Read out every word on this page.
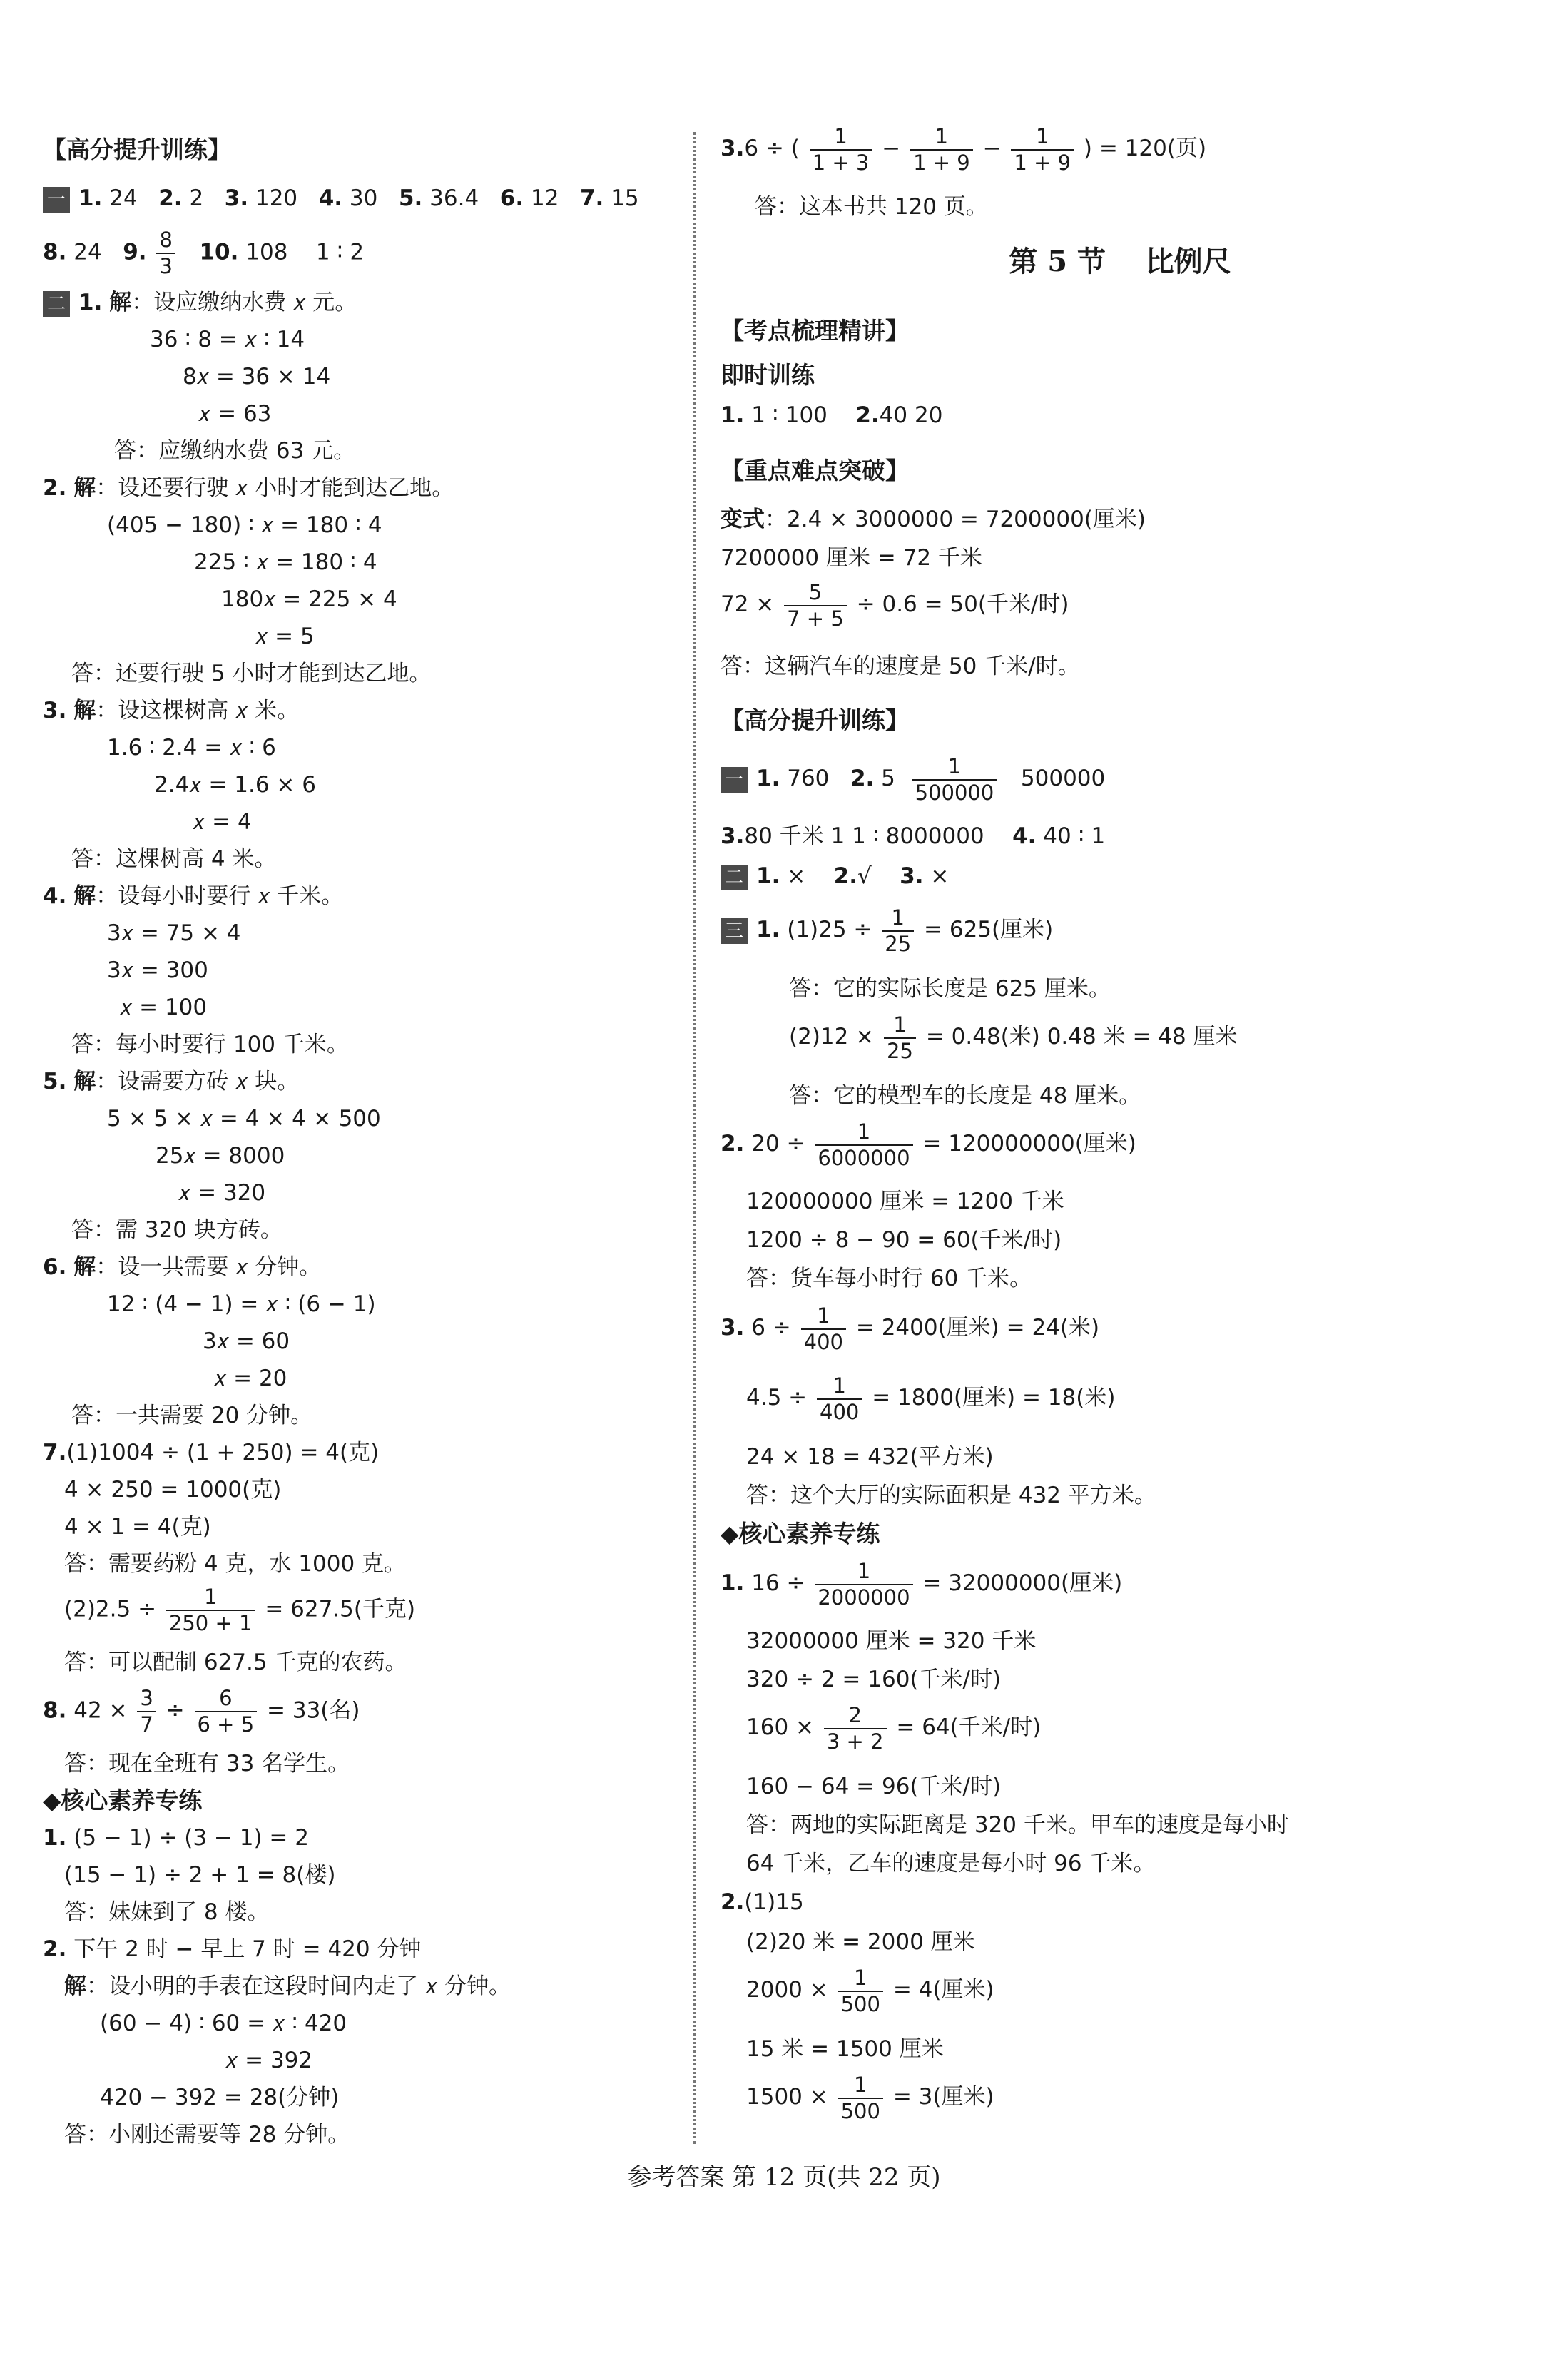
【高分提升训练】
一 1. 24 2. 2 3. 120 4. 30 5. 36.4 6. 12 7. 15
8. 24 9. $\frac{8}{3} 10$. 108 1 ∶ 2
二 1. 解：设应缴纳水费 𝑥 元。
36 ∶ 8 = 𝑥 ∶ 14
8𝑥 = 36 × 14
𝑥 = 63
答：应缴纳水费 63 元。
2. 解：设还要行驶 𝑥 小时才能到达乙地。
(405 − 180) ∶ 𝑥 = 180 ∶ 4
225 ∶ 𝑥 = 180 ∶ 4
180𝑥 = 225 × 4
𝑥 = 5
答：还要行驶 5 小时才能到达乙地。
3. 解：设这棵树高 𝑥 米。
1.6 ∶ 2.4 = 𝑥 ∶ 6
2.4𝑥 = 1.6 × 6
𝑥 = 4
答：这棵树高 4 米。
4. 解：设每小时要行 𝑥 千米。
3𝑥 = 75 × 4
3𝑥 = 300
𝑥 = 100
答：每小时要行 100 千米。
5. 解：设需要方砖 𝑥 块。
5 × 5 × 𝑥 = 4 × 4 × 500
25𝑥 = 8000
𝑥 = 320
答：需 320 块方砖。
6. 解：设一共需要 𝑥 分钟。
12 ∶ (4 − 1) = 𝑥 ∶ (6 − 1)
3𝑥 = 60
𝑥 = 20
答：一共需要 20 分钟。
7.(1)1004 ÷ (1 + 250) = 4(克)
4 × 250 = 1000(克)
4 × 1 = 4(克)
答：需要药粉 4 克，水 1000 克。
$(2)2.5 \div \frac{1}{250 + 1} = 627.5$(千克)
答：可以配制 627.5 千克的农药。
8. $42 \times \frac{3}{7} \div \frac{6}{6 + 5} = 33$(名)
答：现在全班有 33 名学生。
◆核心素养专练
1. (5 − 1) ÷ (3 − 1) = 2
(15 − 1) ÷ 2 + 1 = 8(楼)
答：妹妹到了 8 楼。
2. 下午 2 时 − 早上 7 时 = 420 分钟
解：设小明的手表在这段时间内走了 𝑥 分钟。
(60 − 4) ∶ 60 = 𝑥 ∶ 420
𝑥 = 392
420 − 392 = 28(分钟)
答：小刚还需要等 28 分钟。
3.6 ÷ ( $\frac{1}{1 + 3} - \frac{1}{1 + 9} - \frac{1}{1 + 9}$ ) = 120(页)
答：这本书共 120 页。
第 5 节    比例尺
【考点梳理精讲】
即时训练
1. 1 ∶ 100 2.40 20
【重点难点突破】
变式：2.4 × 3000000 = 7200000(厘米)
7200000 厘米 = 72 千米
$72 \times \frac{5}{7 + 5} \div 0.6 = 50$(千米/时)
答：这辆汽车的速度是 50 千米/时。
【高分提升训练】
一 1. 760 2. $5 \frac{1}{500000} 500000$
3.80 千米 1 1 ∶ 8000000 4. 40 ∶ 1
二 1. × 2.√ 3. ×
三 1. $(1)25 \div \frac{1}{25} = 625$(厘米)
答：它的实际长度是 625 厘米。
$(2)12 \times \frac{1}{25} = 0.48$(米) 0.48 米 = 48 厘米
答：它的模型车的长度是 48 厘米。
2. $20 \div \frac{1}{6000000} = 120000000$(厘米)
120000000 厘米 = 1200 千米
1200 ÷ 8 − 90 = 60(千米/时)
答：货车每小时行 60 千米。
3. $6 \div \frac{1}{400} = 2400$(厘米) = 24(米)
$4.5 \div \frac{1}{400} = 1800$(厘米) = 18(米)
24 × 18 = 432(平方米)
答：这个大厅的实际面积是 432 平方米。
◆核心素养专练
1. $16 \div \frac{1}{2000000} = 32000000$(厘米)
32000000 厘米 = 320 千米
320 ÷ 2 = 160(千米/时)
$160 \times \frac{2}{3 + 2} = 64$(千米/时)
160 − 64 = 96(千米/时)
答：两地的实际距离是 320 千米。甲车的速度是每小时
64 千米，乙车的速度是每小时 96 千米。
2.(1)15
(2)20 米 = 2000 厘米
$2000 \times \frac{1}{500} = 4$(厘米)
15 米 = 1500 厘米
$1500 \times \frac{1}{500} = 3$(厘米)
参考答案 第 12 页(共 22 页)
